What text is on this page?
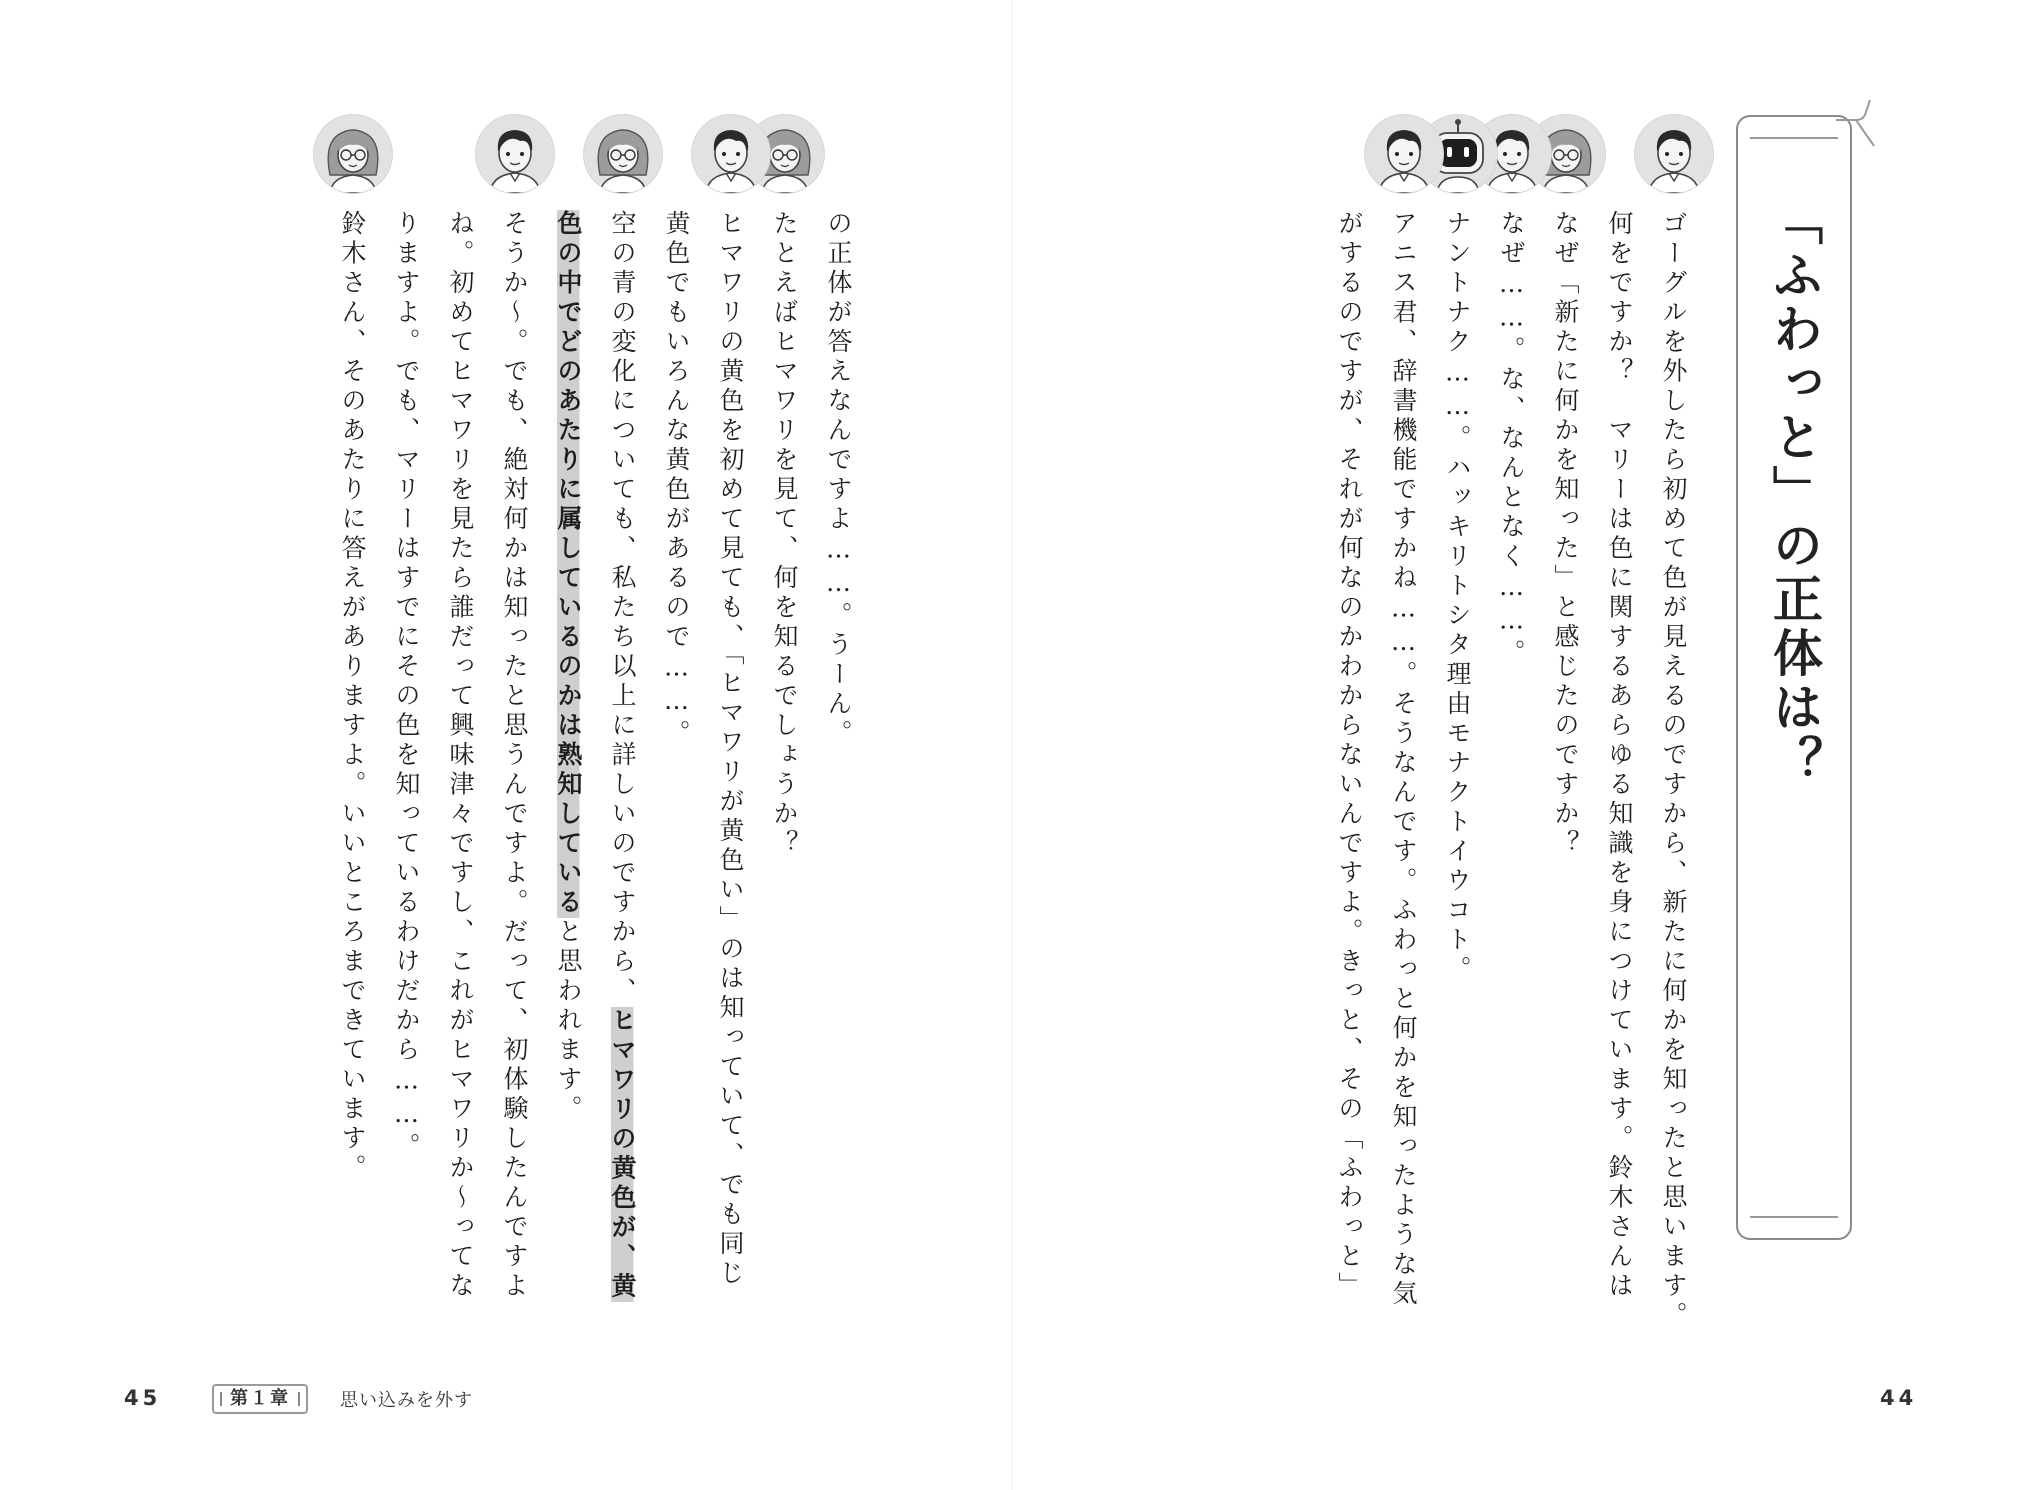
「ふわっと」の正体は？
45	44
第１章	思い込みを外す
ゴーグルを外したら初めて色が見えるのですから、新たに何かを知ったと思います。
何をですか？　マリーは色に関するあらゆる知識を身につけています。鈴木さんは
なぜ「新たに何かを知った」と感じたのですか？
なぜ……。な、なんとなく……。
ナントナク……。ハッキリトシタ理由モナクトイウコト。
アニス君、辞書機能ですかね……。そうなんです。ふわっと何かを知ったような気
がするのですが、それが何なのかわからないんですよ。きっと、その「ふわっと」
の正体が答えなんですよ……。うーん。
たとえばヒマワリを見て、何を知るでしょうか？
ヒマワリの黄色を初めて見ても、「ヒマワリが黄色い」のは知っていて、でも同じ
黄色でもいろんな黄色があるので……。
空の青の変化についても、私たち以上に詳しいのですから、ヒマワリの黄色が、黄
色の中でどのあたりに属しているのかは熟知していると思われます。
そうか〜。でも、絶対何かは知ったと思うんですよ。だって、初体験したんですよ
ね。初めてヒマワリを見たら誰だって興味津々ですし、これがヒマワリか〜ってな
りますよ。でも、マリーはすでにその色を知っているわけだから……。
鈴木さん、そのあたりに答えがありますよ。いいところまできています。
